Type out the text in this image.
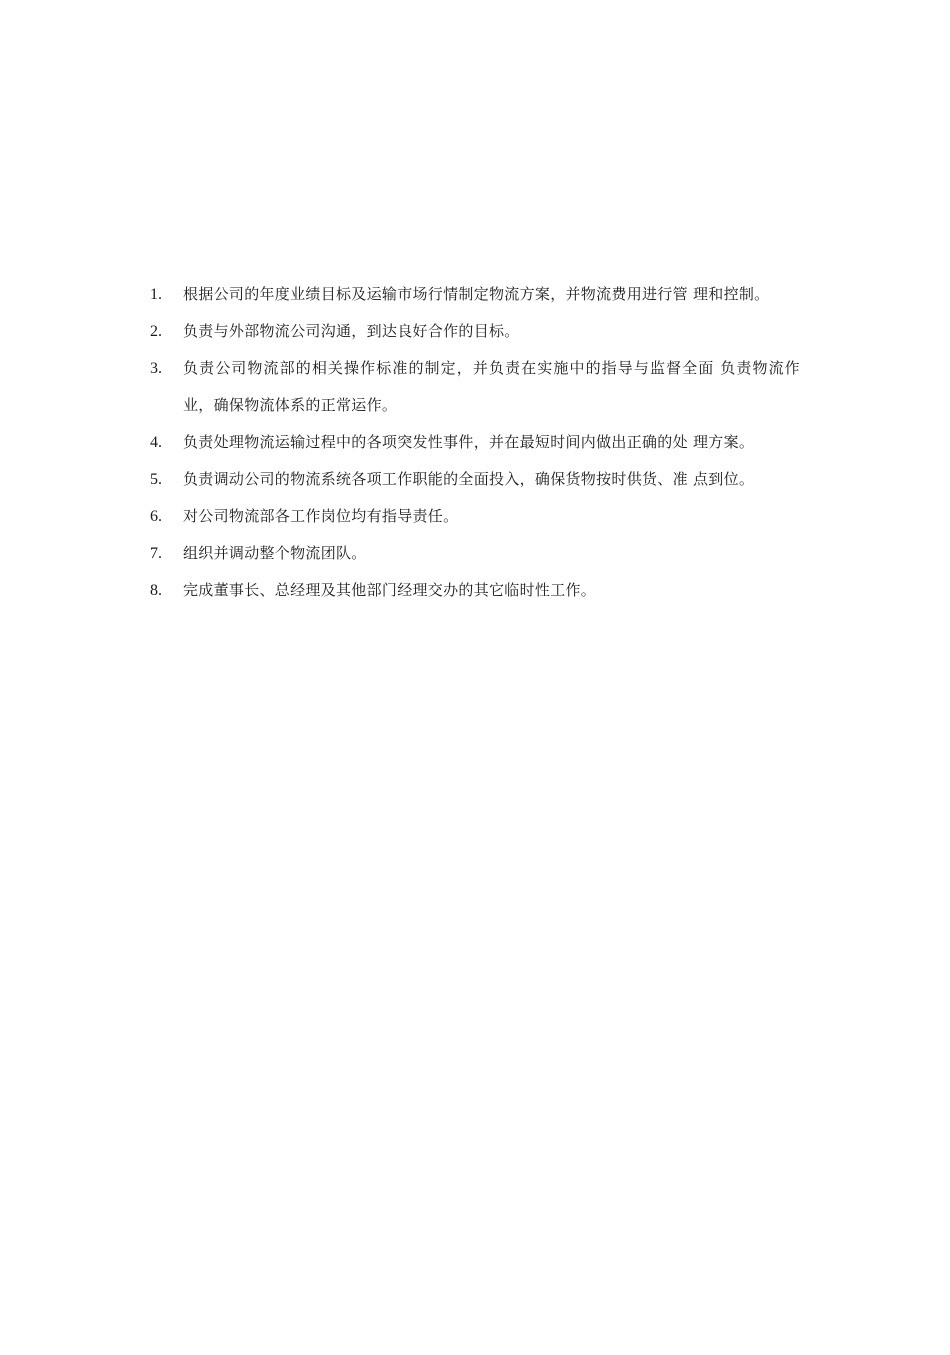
1.	根据公司的年度业绩目标及运输市场行情制定物流方案，并物流费用进行管 理和控制。
2.	负责与外部物流公司沟通，到达良好合作的目标。
3.	负责公司物流部的相关操作标准的制定，并负责在实施中的指导与监督全面 负责物流作业，确保物流体系的正常运作。
4.	负责处理物流运输过程中的各项突发性事件，并在最短时间内做出正确的处 理方案。
5.	负责调动公司的物流系统各项工作职能的全面投入，确保货物按时供货、准 点到位。
6.	对公司物流部各工作岗位均有指导责任。
7.	组织并调动整个物流团队。
8.	完成董事长、总经理及其他部门经理交办的其它临时性工作。
